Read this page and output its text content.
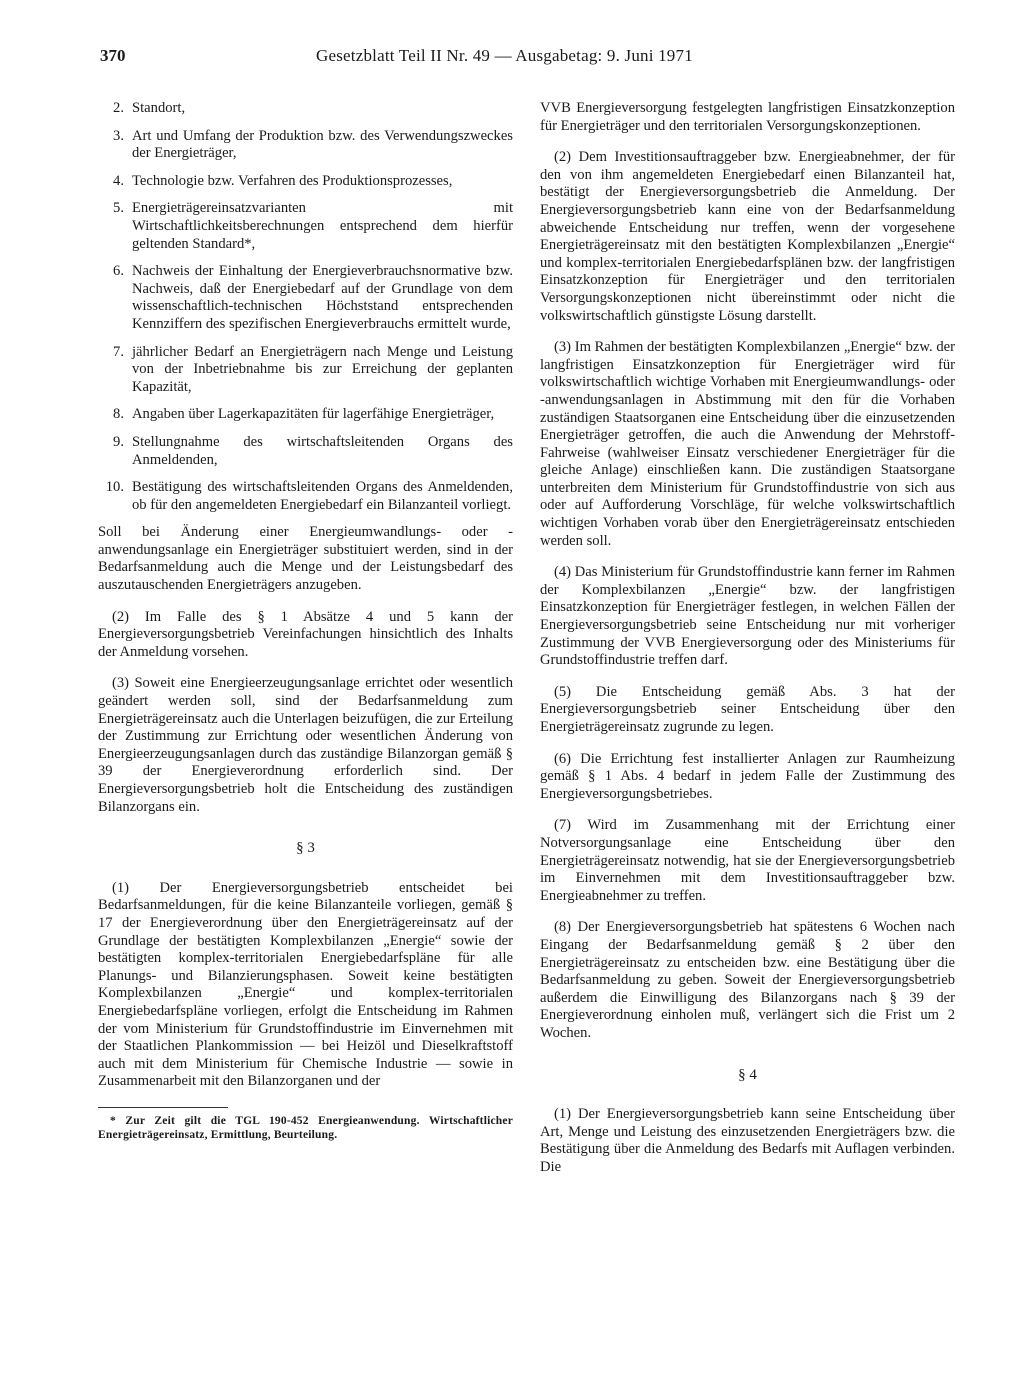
370	Gesetzblatt Teil II Nr. 49 — Ausgabetag: 9. Juni 1971
2. Standort,
3. Art und Umfang der Produktion bzw. des Verwendungszweckes der Energieträger,
4. Technologie bzw. Verfahren des Produktionsprozesses,
5. Energieträgereinsatzvarianten mit Wirtschaftlichkeitsberechnungen entsprechend dem hierfür geltenden Standard*,
6. Nachweis der Einhaltung der Energieverbrauchsnormative bzw. Nachweis, daß der Energiebedarf auf der Grundlage von dem wissenschaftlich-technischen Höchststand entsprechenden Kennziffern des spezifischen Energieverbrauchs ermittelt wurde,
7. jährlicher Bedarf an Energieträgern nach Menge und Leistung von der Inbetriebnahme bis zur Erreichung der geplanten Kapazität,
8. Angaben über Lagerkapazitäten für lagerfähige Energieträger,
9. Stellungnahme des wirtschaftsleitenden Organs des Anmeldenden,
10. Bestätigung des wirtschaftsleitenden Organs des Anmeldenden, ob für den angemeldeten Energiebedarf ein Bilanzanteil vorliegt.

Soll bei Änderung einer Energieumwandlungs- oder -anwendungsanlage ein Energieträger substituiert werden, sind in der Bedarfsanmeldung auch die Menge und der Leistungsbedarf des auszutauschenden Energieträgers anzugeben.

(2) Im Falle des § 1 Absätze 4 und 5 kann der Energieversorgungsbetrieb Vereinfachungen hinsichtlich des Inhalts der Anmeldung vorsehen.

(3) Soweit eine Energieerzeugungsanlage errichtet oder wesentlich geändert werden soll, sind der Bedarfsanmeldung zum Energieträgereinsatz auch die Unterlagen beizufügen, die zur Erteilung der Zustimmung zur Errichtung oder wesentlichen Änderung von Energieerzeugungsanlagen durch das zuständige Bilanzorgan gemäß § 39 der Energieverordnung erforderlich sind. Der Energieversorgungsbetrieb holt die Entscheidung des zuständigen Bilanzorgans ein.

§ 3

(1) Der Energieversorgungsbetrieb entscheidet bei Bedarfsanmeldungen, für die keine Bilanzanteile vorliegen, gemäß § 17 der Energieverordnung über den Energieträgereinsatz auf der Grundlage der bestätigten Komplexbilanzen „Energie“ sowie der bestätigten komplex-territorialen Energiebedarfspläne für alle Planungs- und Bilanzierungsphasen. Soweit keine bestätigten Komplexbilanzen „Energie“ und komplex-territorialen Energiebedarfspläne vorliegen, erfolgt die Entscheidung im Rahmen der vom Ministerium für Grundstoffindustrie im Einvernehmen mit der Staatlichen Plankommission — bei Heizöl und Dieselkraftstoff auch mit dem Ministerium für Chemische Industrie — sowie in Zusammenarbeit mit den Bilanzorganen und der

* Zur Zeit gilt die TGL 190-452 Energieanwendung. Wirtschaftlicher Energieträgereinsatz, Ermittlung, Beurteilung.

VVB Energieversorgung festgelegten langfristigen Einsatzkonzeption für Energieträger und den territorialen Versorgungskonzeptionen.

(2) Dem Investitionsauftraggeber bzw. Energieabnehmer, der für den von ihm angemeldeten Energiebedarf einen Bilanzanteil hat, bestätigt der Energieversorgungsbetrieb die Anmeldung. Der Energieversorgungsbetrieb kann eine von der Bedarfsanmeldung abweichende Entscheidung nur treffen, wenn der vorgesehene Energieträgereinsatz mit den bestätigten Komplexbilanzen „Energie“ und komplex-territorialen Energiebedarfsplänen bzw. der langfristigen Einsatzkonzeption für Energieträger und den territorialen Versorgungskonzeptionen nicht übereinstimmt oder nicht die volkswirtschaftlich günstigste Lösung darstellt.

(3) Im Rahmen der bestätigten Komplexbilanzen „Energie“ bzw. der langfristigen Einsatzkonzeption für Energieträger wird für volkswirtschaftlich wichtige Vorhaben mit Energieumwandlungs- oder -anwendungsanlagen in Abstimmung mit den für die Vorhaben zuständigen Staatsorganen eine Entscheidung über die einzusetzenden Energieträger getroffen, die auch die Anwendung der Mehrstoff-Fahrweise (wahlweiser Einsatz verschiedener Energieträger für die gleiche Anlage) einschließen kann. Die zuständigen Staatsorgane unterbreiten dem Ministerium für Grundstoffindustrie von sich aus oder auf Aufforderung Vorschläge, für welche volkswirtschaftlich wichtigen Vorhaben vorab über den Energieträgereinsatz entschieden werden soll.

(4) Das Ministerium für Grundstoffindustrie kann ferner im Rahmen der Komplexbilanzen „Energie“ bzw. der langfristigen Einsatzkonzeption für Energieträger festlegen, in welchen Fällen der Energieversorgungsbetrieb seine Entscheidung nur mit vorheriger Zustimmung der VVB Energieversorgung oder des Ministeriums für Grundstoffindustrie treffen darf.

(5) Die Entscheidung gemäß Abs. 3 hat der Energieversorgungsbetrieb seiner Entscheidung über den Energieträgereinsatz zugrunde zu legen.

(6) Die Errichtung fest installierter Anlagen zur Raumheizung gemäß § 1 Abs. 4 bedarf in jedem Falle der Zustimmung des Energieversorgungsbetriebes.

(7) Wird im Zusammenhang mit der Errichtung einer Notversorgungsanlage eine Entscheidung über den Energieträgereinsatz notwendig, hat sie der Energieversorgungsbetrieb im Einvernehmen mit dem Investitionsauftraggeber bzw. Energieabnehmer zu treffen.

(8) Der Energieversorgungsbetrieb hat spätestens 6 Wochen nach Eingang der Bedarfsanmeldung gemäß § 2 über den Energieträgereinsatz zu entscheiden bzw. eine Bestätigung über die Bedarfsanmeldung zu geben. Soweit der Energieversorgungsbetrieb außerdem die Einwilligung des Bilanzorgans nach § 39 der Energieverordnung einholen muß, verlängert sich die Frist um 2 Wochen.

§ 4

(1) Der Energieversorgungsbetrieb kann seine Entscheidung über Art, Menge und Leistung des einzusetzenden Energieträgers bzw. die Bestätigung über die Anmeldung des Bedarfs mit Auflagen verbinden. Die
